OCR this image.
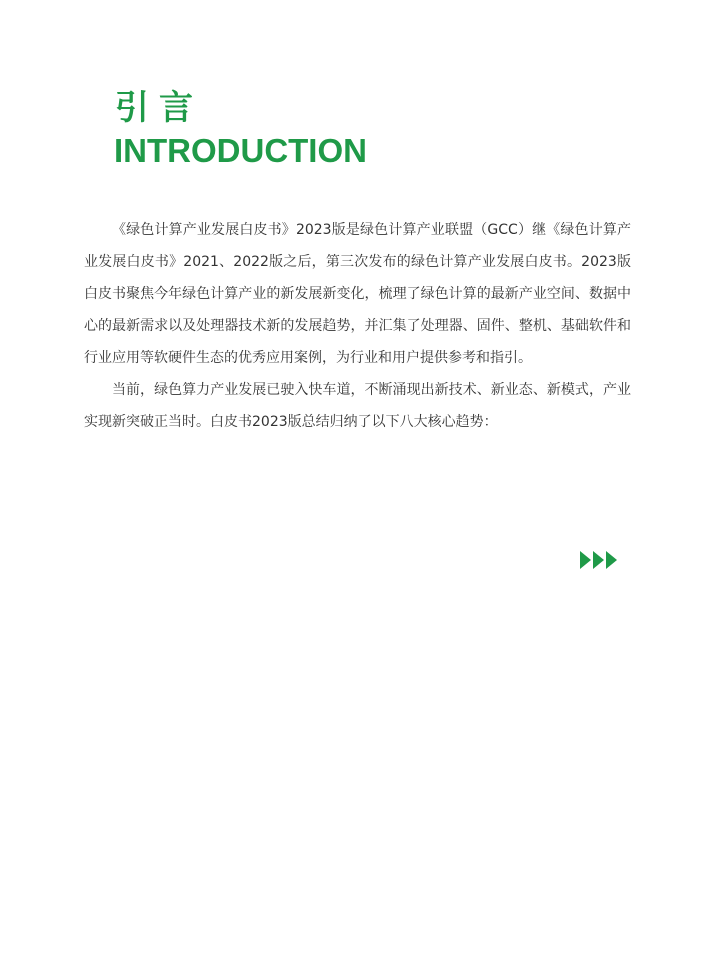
引言
INTRODUCTION

《绿色计算产业发展白皮书》2023版是绿色计算产业联盟（GCC）继《绿色计算产业发展白皮书》2021、2022版之后，第三次发布的绿色计算产业发展白皮书。2023版白皮书聚焦今年绿色计算产业的新发展新变化，梳理了绿色计算的最新产业空间、数据中心的最新需求以及处理器技术新的发展趋势，并汇集了处理器、固件、整机、基础软件和行业应用等软硬件生态的优秀应用案例，为行业和用户提供参考和指引。

当前，绿色算力产业发展已驶入快车道，不断涌现出新技术、新业态、新模式，产业实现新突破正当时。白皮书2023版总结归纳了以下八大核心趋势：
